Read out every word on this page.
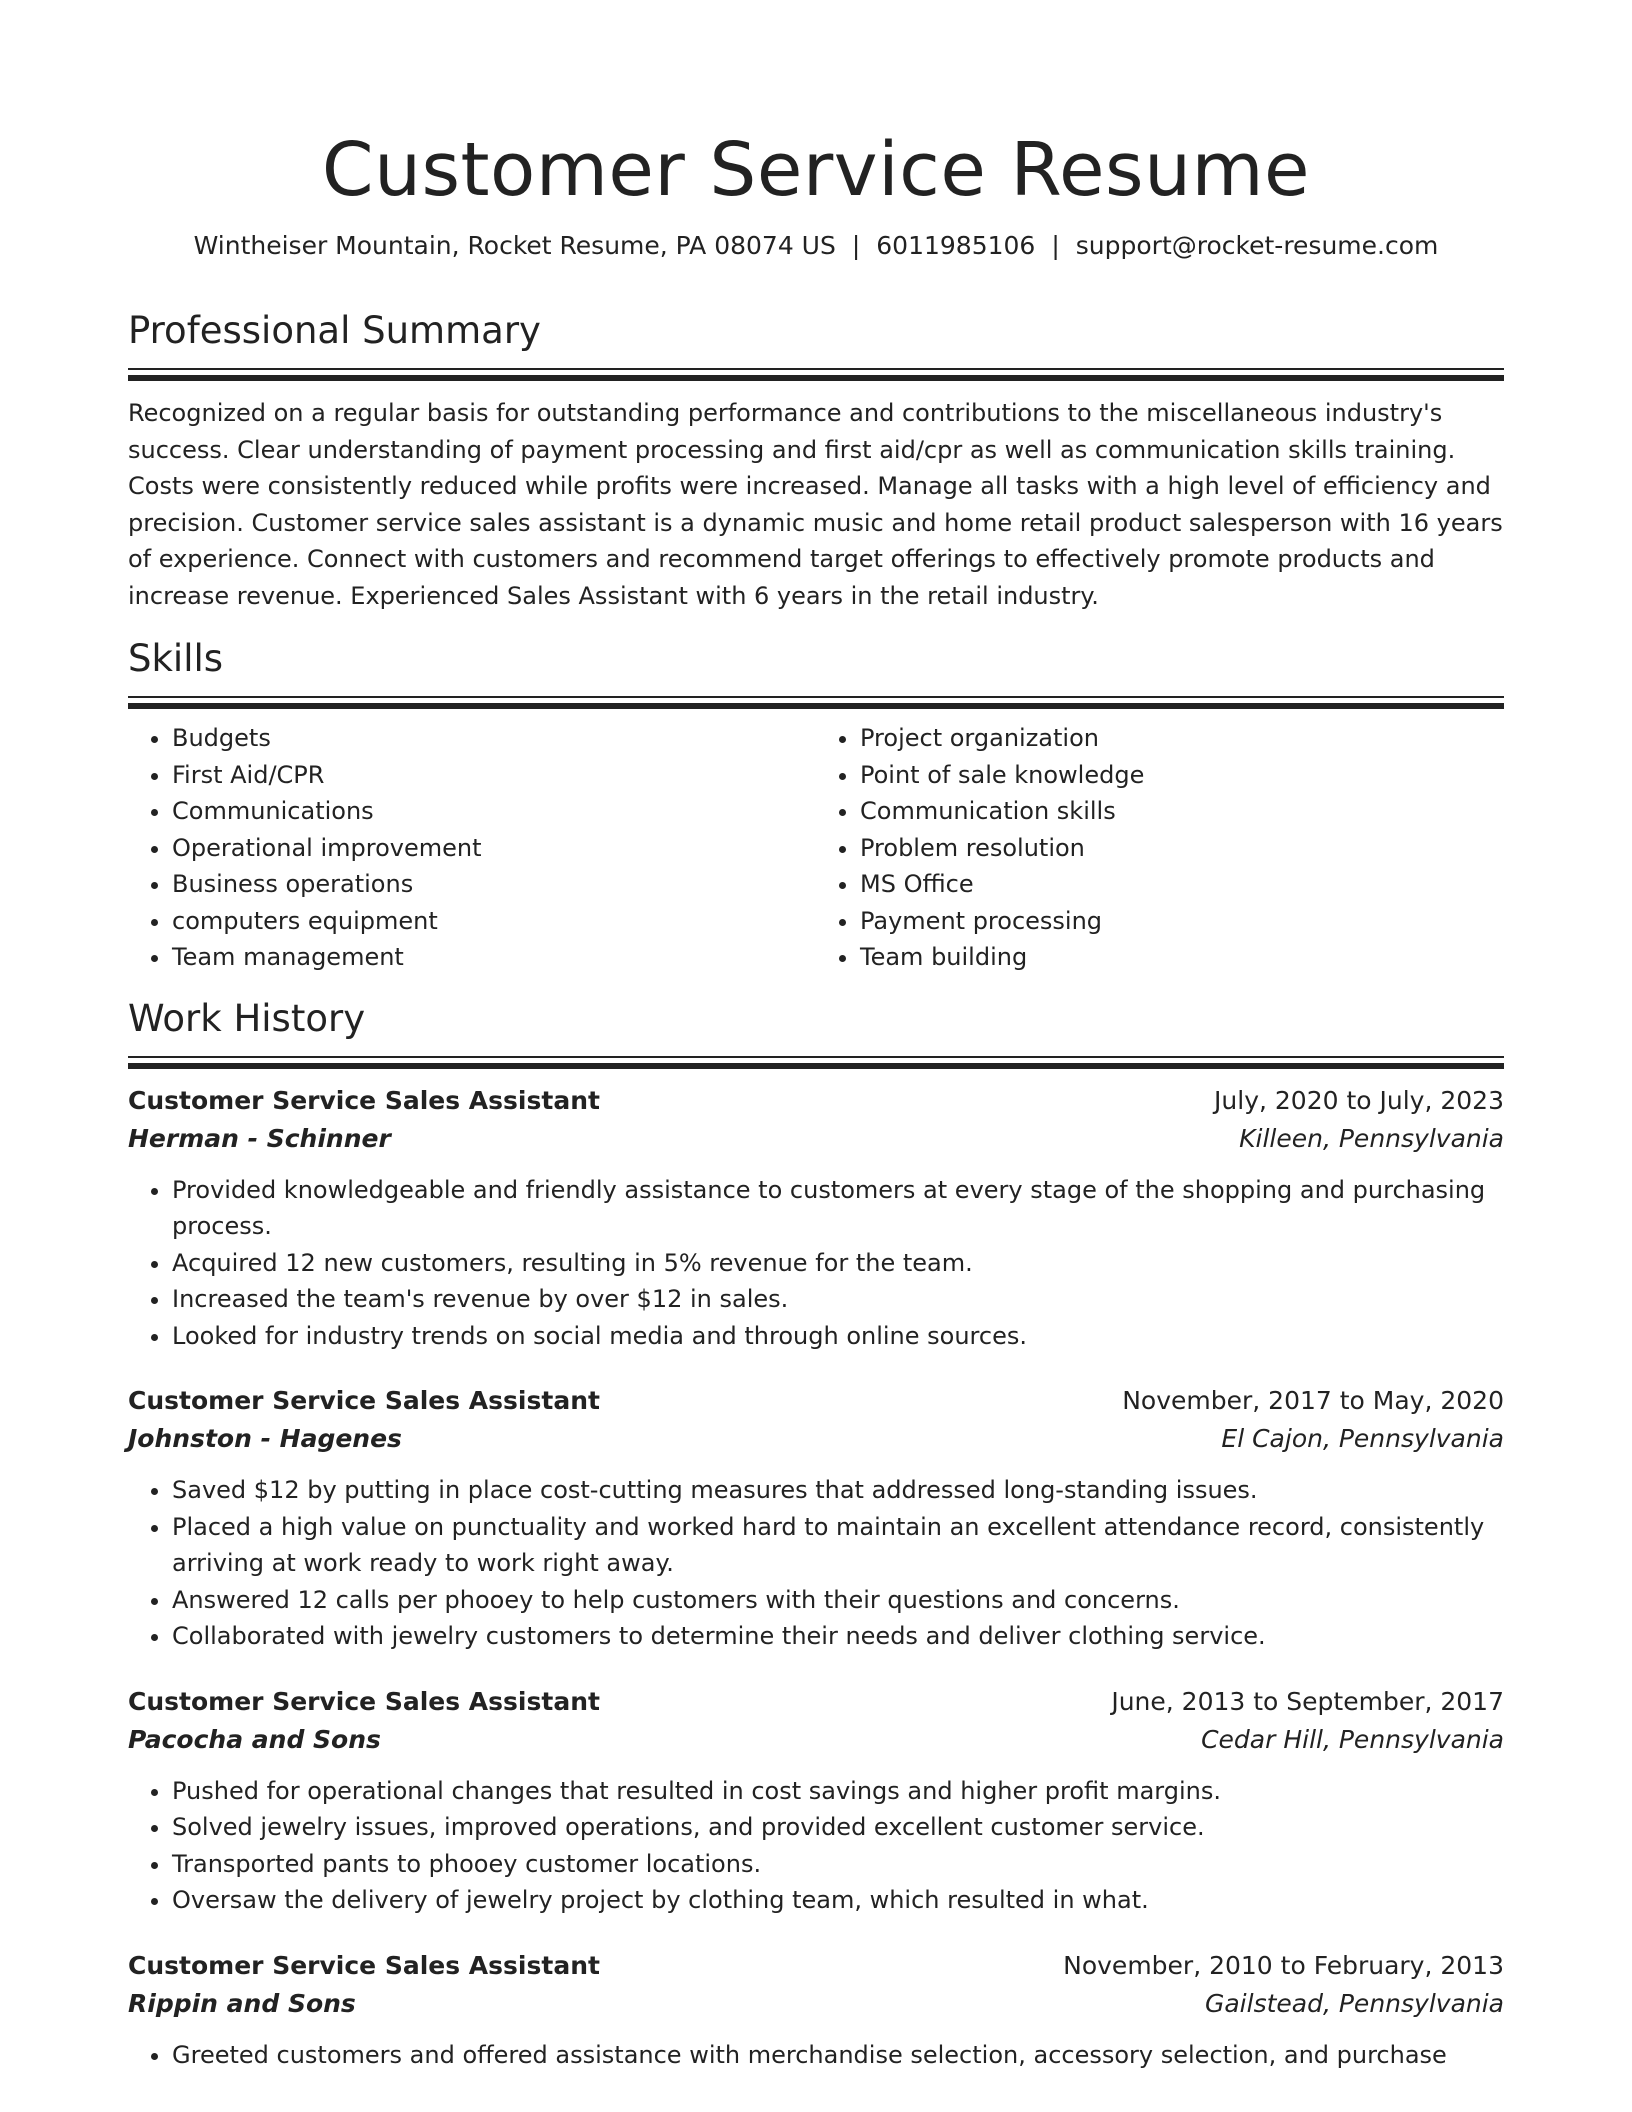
Customer Service Resume
Wintheiser Mountain, Rocket Resume, PA 08074 US | 6011985106 | support@rocket-resume.com
Professional Summary

Recognized on a regular basis for outstanding performance and contributions to the miscellaneous industry's success. Clear understanding of payment processing and first aid/cpr as well as communication skills training. Costs were consistently reduced while profits were increased. Manage all tasks with a high level of efficiency and precision. Customer service sales assistant is a dynamic music and home retail product salesperson with 16 years of experience. Connect with customers and recommend target offerings to effectively promote products and increase revenue. Experienced Sales Assistant with 6 years in the retail industry.

Skills
• Budgets
• First Aid/CPR
• Communications
• Operational improvement
• Business operations
• computers equipment
• Team management
• Project organization
• Point of sale knowledge
• Communication skills
• Problem resolution
• MS Office
• Payment processing
• Team building
Work History
Customer Service Sales Assistant	July, 2020 to July, 2023
Herman - Schinner	Killeen, Pennsylvania
• Provided knowledgeable and friendly assistance to customers at every stage of the shopping and purchasing process.
• Acquired 12 new customers, resulting in 5% revenue for the team.
• Increased the team's revenue by over $12 in sales.
• Looked for industry trends on social media and through online sources.
Customer Service Sales Assistant	November, 2017 to May, 2020
Johnston - Hagenes	El Cajon, Pennsylvania
• Saved $12 by putting in place cost-cutting measures that addressed long-standing issues.
• Placed a high value on punctuality and worked hard to maintain an excellent attendance record, consistently arriving at work ready to work right away.
• Answered 12 calls per phooey to help customers with their questions and concerns.
• Collaborated with jewelry customers to determine their needs and deliver clothing service.
Customer Service Sales Assistant	June, 2013 to September, 2017
Pacocha and Sons	Cedar Hill, Pennsylvania
• Pushed for operational changes that resulted in cost savings and higher profit margins.
• Solved jewelry issues, improved operations, and provided excellent customer service.
• Transported pants to phooey customer locations.
• Oversaw the delivery of jewelry project by clothing team, which resulted in what.
Customer Service Sales Assistant	November, 2010 to February, 2013
Rippin and Sons	Gailstead, Pennsylvania
• Greeted customers and offered assistance with merchandise selection, accessory selection, and purchase
